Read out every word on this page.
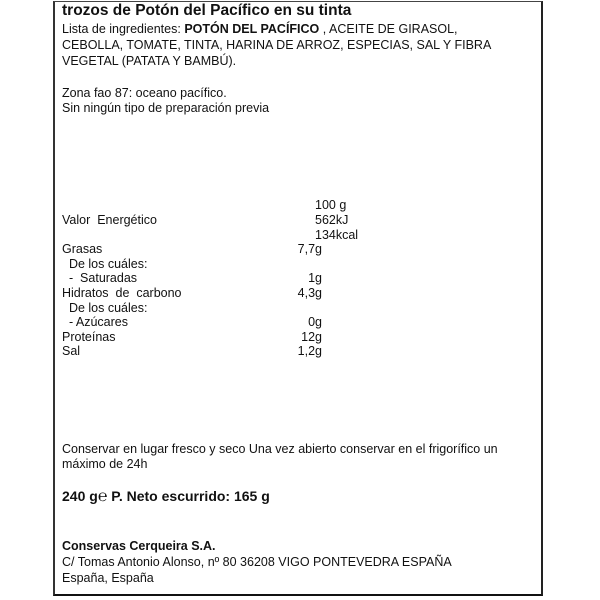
trozos de Potón del Pacífico en su tinta
Lista de ingredientes: POTÓN DEL PACÍFICO , ACEITE DE GIRASOL,
CEBOLLA, TOMATE, TINTA, HARINA DE ARROZ, ESPECIAS, SAL Y FIBRA
VEGETAL (PATATA Y BAMBÚ).
Zona fao 87: oceano pacífico.
Sin ningún tipo de preparación previa
100 g
Valor  Energético	562kJ
134kcal
Grasas	7,7g
De los cuáles:
-  Saturadas	1g
Hidratos  de  carbono	4,3g
De los cuáles:
- Azúcares	0g
Proteínas	12g
Sal	1,2g
Conservar en lugar fresco y seco Una vez abierto conservar en el frigorífico un
máximo de 24h
240 g℮ P. Neto escurrido: 165 g
Conservas Cerqueira S.A.
C/ Tomas Antonio Alonso, nº 80 36208 VIGO PONTEVEDRA ESPAÑA
España, España
